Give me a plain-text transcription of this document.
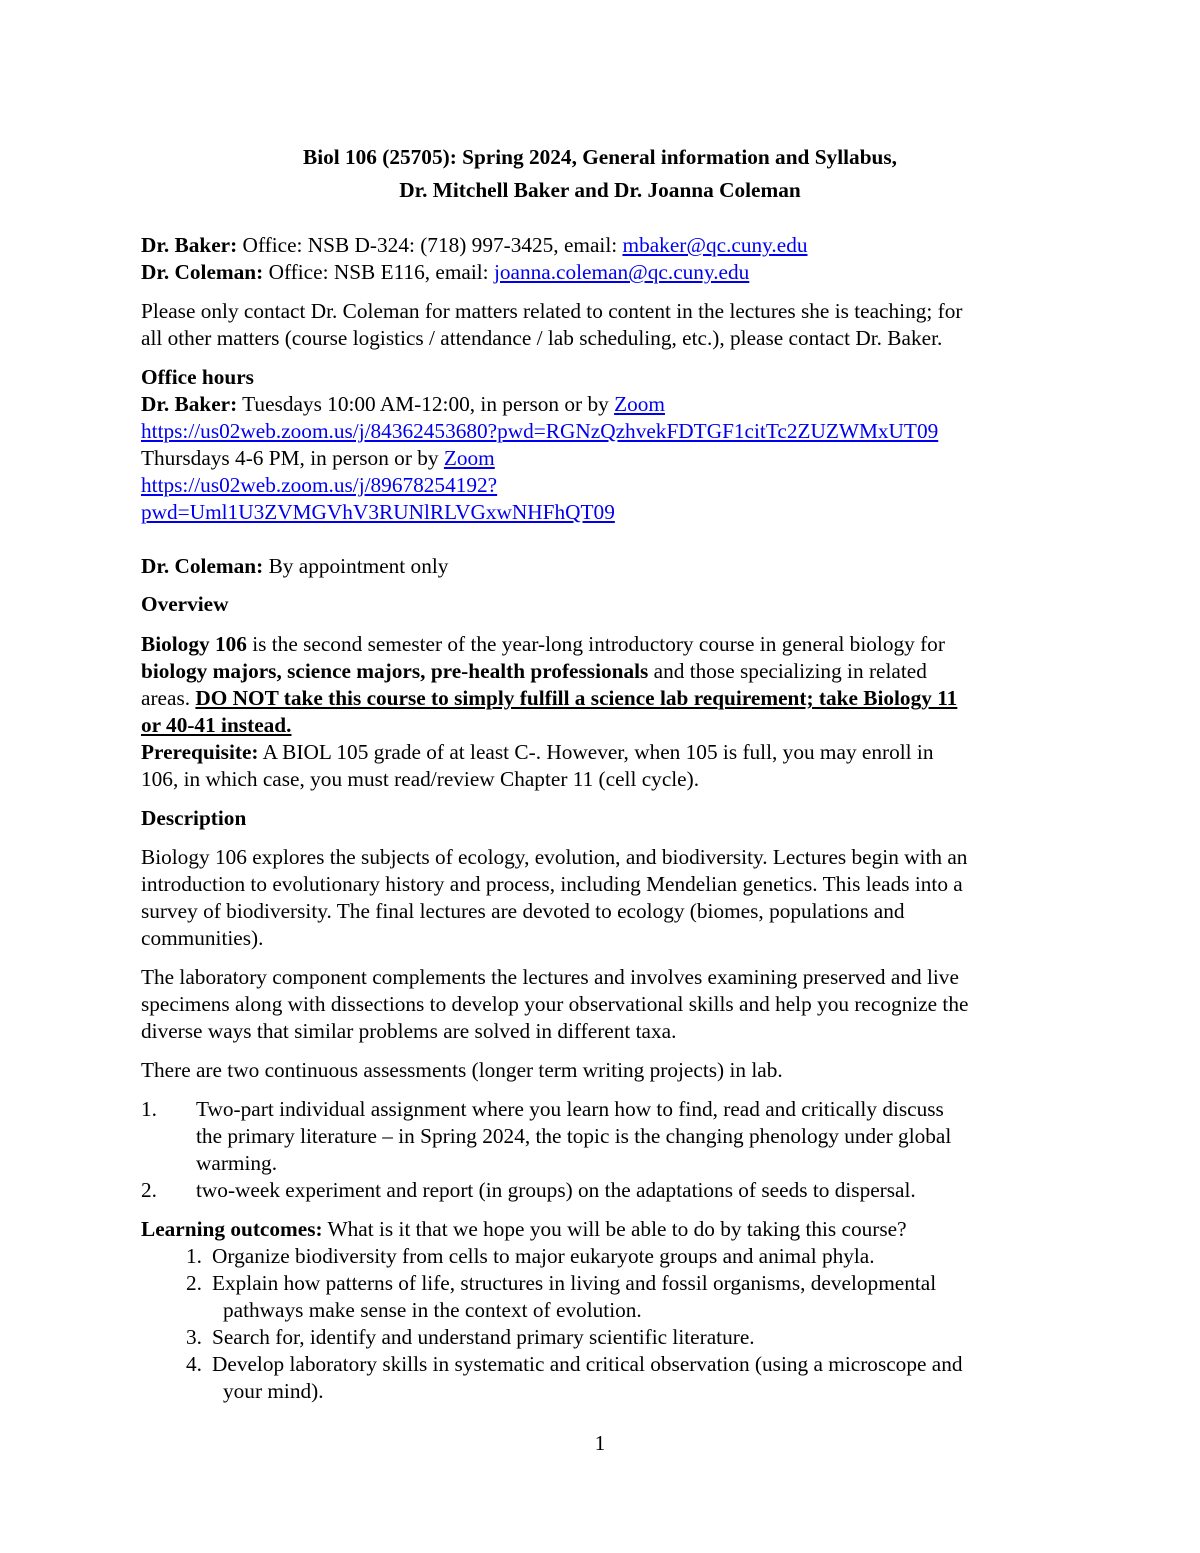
Biol 106 (25705): Spring 2024, General information and Syllabus,
Dr. Mitchell Baker and Dr. Joanna Coleman
Dr. Baker: Office: NSB D-324: (718) 997-3425, email: mbaker@qc.cuny.edu
Dr. Coleman: Office: NSB E116, email: joanna.coleman@qc.cuny.edu
Please only contact Dr. Coleman for matters related to content in the lectures she is teaching; for
all other matters (course logistics / attendance / lab scheduling, etc.), please contact Dr. Baker.
Office hours
Dr. Baker: Tuesdays 10:00 AM-12:00, in person or by Zoom
https://us02web.zoom.us/j/84362453680?pwd=RGNzQzhvekFDTGF1citTc2ZUZWMxUT09
Thursdays 4-6 PM, in person or by Zoom
https://us02web.zoom.us/j/89678254192?
pwd=Uml1U3ZVMGVhV3RUNlRLVGxwNHFhQT09
Dr. Coleman: By appointment only
Overview
Biology 106 is the second semester of the year-long introductory course in general biology for
biology majors, science majors, pre-health professionals and those specializing in related
areas. DO NOT take this course to simply fulfill a science lab requirement; take Biology 11
or 40-41 instead.
Prerequisite: A BIOL 105 grade of at least C-. However, when 105 is full, you may enroll in
106, in which case, you must read/review Chapter 11 (cell cycle).
Description
Biology 106 explores the subjects of ecology, evolution, and biodiversity. Lectures begin with an
introduction to evolutionary history and process, including Mendelian genetics. This leads into a
survey of biodiversity. The final lectures are devoted to ecology (biomes, populations and
communities).
The laboratory component complements the lectures and involves examining preserved and live
specimens along with dissections to develop your observational skills and help you recognize the
diverse ways that similar problems are solved in different taxa.
There are two continuous assessments (longer term writing projects) in lab.
1. Two-part individual assignment where you learn how to find, read and critically discuss
the primary literature – in Spring 2024, the topic is the changing phenology under global
warming.
2. two-week experiment and report (in groups) on the adaptations of seeds to dispersal.
Learning outcomes: What is it that we hope you will be able to do by taking this course?
1. Organize biodiversity from cells to major eukaryote groups and animal phyla.
2. Explain how patterns of life, structures in living and fossil organisms, developmental
pathways make sense in the context of evolution.
3. Search for, identify and understand primary scientific literature.
4. Develop laboratory skills in systematic and critical observation (using a microscope and
your mind).
1
